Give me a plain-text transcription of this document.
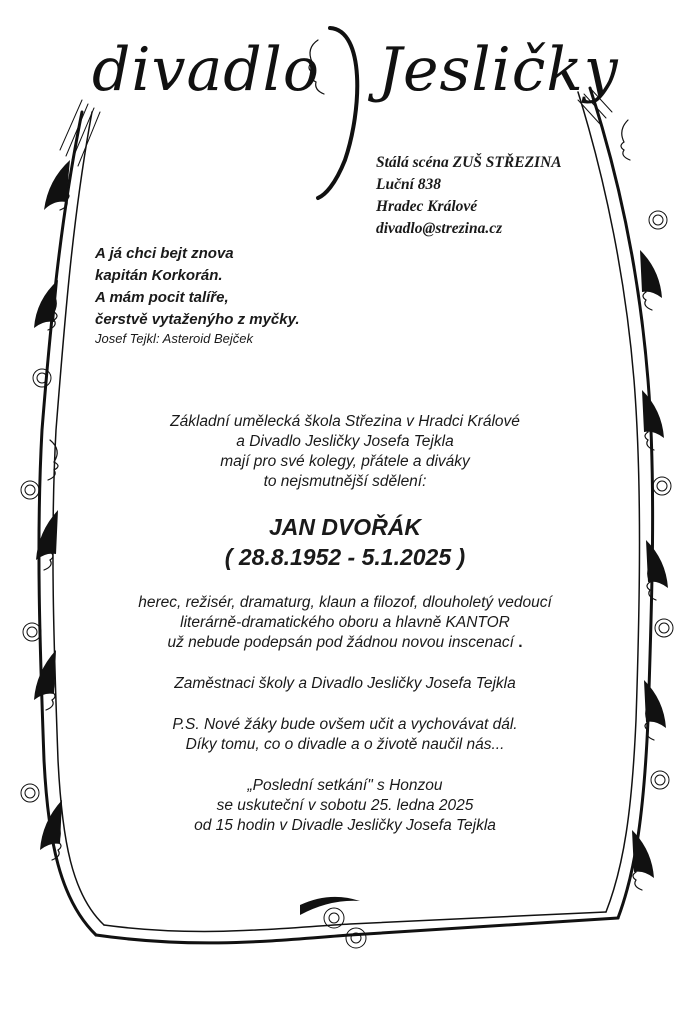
divadlo Jesličky
Stálá scéna ZUŠ STŘEZINA
Luční 838
Hradec Králové
divadlo@strezina.cz
A já chci bejt znova
kapitán Korkorán.
A mám pocit talíře,
čerstvě vytaženýho z myčky.
Josef Tejkl: Asteroid Bejček
Základní umělecká škola Střezina v Hradci Králové
a Divadlo Jesličky Josefa Tejkla
mají pro své kolegy, přátele a diváky
to nejsmutnější sdělení:
JAN DVOŘÁK
( 28.8.1952 - 5.1.2025 )
herec, režisér, dramaturg, klaun a filozof, dlouholetý vedoucí
literárně-dramatického oboru a hlavně KANTOR
už nebude podepsán pod žádnou novou inscenací .
Zaměstnaci školy a Divadlo Jesličky Josefa Tejkla
P.S. Nové žáky bude ovšem učit a vychovávat dál.
Díky tomu, co o divadle a o životě naučil nás...
„Poslední setkání" s Honzou
se uskuteční v sobotu 25. ledna 2025
od 15 hodin v Divadle Jesličky Josefa Tejkla
